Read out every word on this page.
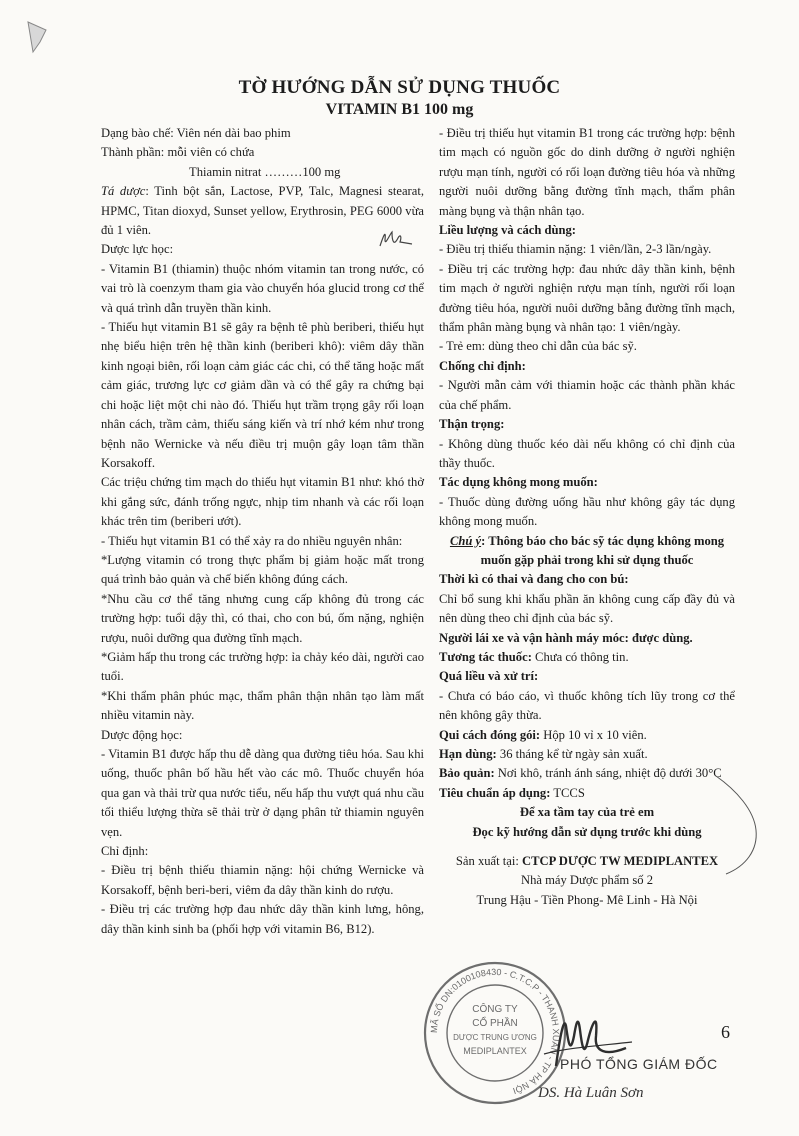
TỜ HƯỚNG DẪN SỬ DỤNG THUỐC
VITAMIN B1 100 mg

Dạng bào chế: Viên nén dài bao phim

Thành phần: mỗi viên có chứa

Thiamin nitrat ………100 mg

Tá dược: Tinh bột sắn, Lactose, PVP, Talc, Magnesi stearat, HPMC, Titan dioxyd, Sunset yellow, Erythrosin, PEG 6000 vừa đủ 1 viên.

Dược lực học:

- Vitamin B1 (thiamin) thuộc nhóm vitamin tan trong nước, có vai trò là coenzym tham gia vào chuyển hóa glucid trong cơ thể và quá trình dẫn truyền thần kinh.

- Thiếu hụt vitamin B1 sẽ gây ra bệnh tê phù beriberi, thiếu hụt nhẹ biểu hiện trên hệ thần kinh (beriberi khô): viêm dây thần kinh ngoại biên, rối loạn cảm giác các chi, có thể tăng hoặc mất cảm giác, trương lực cơ giảm dần và có thể gây ra chứng bại chi hoặc liệt một chi nào đó. Thiếu hụt trầm trọng gây rối loạn nhân cách, trầm cảm, thiếu sáng kiến và trí nhớ kém như trong bệnh não Wernicke và nếu điều trị muộn gây loạn tâm thần Korsakoff.

Các triệu chứng tim mạch do thiếu hụt vitamin B1 như: khó thở khi gắng sức, đánh trống ngực, nhịp tim nhanh và các rối loạn khác trên tim (beriberi ướt).

- Thiếu hụt vitamin B1 có thể xảy ra do nhiều nguyên nhân:

*Lượng vitamin có trong thực phẩm bị giảm hoặc mất trong quá trình bảo quản và chế biến không đúng cách.

*Nhu cầu cơ thể tăng nhưng cung cấp không đủ trong các trường hợp: tuổi dậy thì, có thai, cho con bú, ốm nặng, nghiện rượu, nuôi dưỡng qua đường tĩnh mạch.

*Giảm hấp thu trong các trường hợp: ỉa chảy kéo dài, người cao tuổi.

*Khi thẩm phân phúc mạc, thẩm phân thận nhân tạo làm mất nhiều vitamin này.

Dược động học:

- Vitamin B1 được hấp thu dễ dàng qua đường tiêu hóa. Sau khi uống, thuốc phân bố hầu hết vào các mô. Thuốc chuyển hóa qua gan và thải trừ qua nước tiểu, nếu hấp thu vượt quá nhu cầu tối thiểu lượng thừa sẽ thải trừ ở dạng phân tử thiamin nguyên vẹn.

Chỉ định:

- Điều trị bệnh thiếu thiamin nặng: hội chứng Wernicke và Korsakoff, bệnh beri-beri, viêm đa dây thần kinh do rượu.

- Điều trị các trường hợp đau nhức dây thần kinh lưng, hông, dây thần kinh sinh ba (phối hợp với vitamin B6, B12).

- Điều trị thiếu hụt vitamin B1 trong các trường hợp: bệnh tim mạch có nguồn gốc do dinh dưỡng ở người nghiện rượu mạn tính, người có rối loạn đường tiêu hóa và những người nuôi dưỡng bằng đường tĩnh mạch, thẩm phân màng bụng và thận nhân tạo.

Liều lượng và cách dùng:

- Điều trị thiếu thiamin nặng: 1 viên/lần, 2-3 lần/ngày.

- Điều trị các trường hợp: đau nhức dây thần kinh, bệnh tim mạch ở người nghiện rượu mạn tính, người rối loạn đường tiêu hóa, người nuôi dưỡng bằng đường tĩnh mạch, thẩm phân màng bụng và nhân tạo: 1 viên/ngày.

- Trẻ em: dùng theo chỉ dẫn của bác sỹ.

Chống chỉ định:

- Người mẫn cảm với thiamin hoặc các thành phần khác của chế phẩm.

Thận trọng:

- Không dùng thuốc kéo dài nếu không có chỉ định của thầy thuốc.

Tác dụng không mong muốn:

- Thuốc dùng đường uống hầu như không gây tác dụng không mong muốn.

Chú ý: Thông báo cho bác sỹ tác dụng không mong muốn gặp phải trong khi sử dụng thuốc

Thời kì có thai và đang cho con bú:

Chỉ bổ sung khi khẩu phần ăn không cung cấp đầy đủ và nên dùng theo chỉ định của bác sỹ.

Người lái xe và vận hành máy móc: được dùng.

Tương tác thuốc: Chưa có thông tin.

Quá liều và xử trí:

- Chưa có báo cáo, vì thuốc không tích lũy trong cơ thể nên không gây thừa.

Qui cách đóng gói: Hộp 10 vỉ x 10 viên.

Hạn dùng: 36 tháng kể từ ngày sản xuất.

Bảo quản: Nơi khô, tránh ánh sáng, nhiệt độ dưới 30°C

Tiêu chuẩn áp dụng: TCCS

Để xa tầm tay của trẻ em

Đọc kỹ hướng dẫn sử dụng trước khi dùng

Sản xuất tại: CTCP DƯỢC TW MEDIPLANTEX

Nhà máy Dược phẩm số 2

Trung Hậu - Tiền Phong- Mê Linh - Hà Nội

MÃ SỐ DN:0100108430 - C.T.C.P - THANH XUÂN - TP HÀ NỘI
CÔNG TY
CỔ PHẦN
DƯỢC TRUNG ƯƠNG
MEDIPLANTEX
6
PHÓ TỔNG GIÁM ĐỐC
DS. Hà Luân Sơn
